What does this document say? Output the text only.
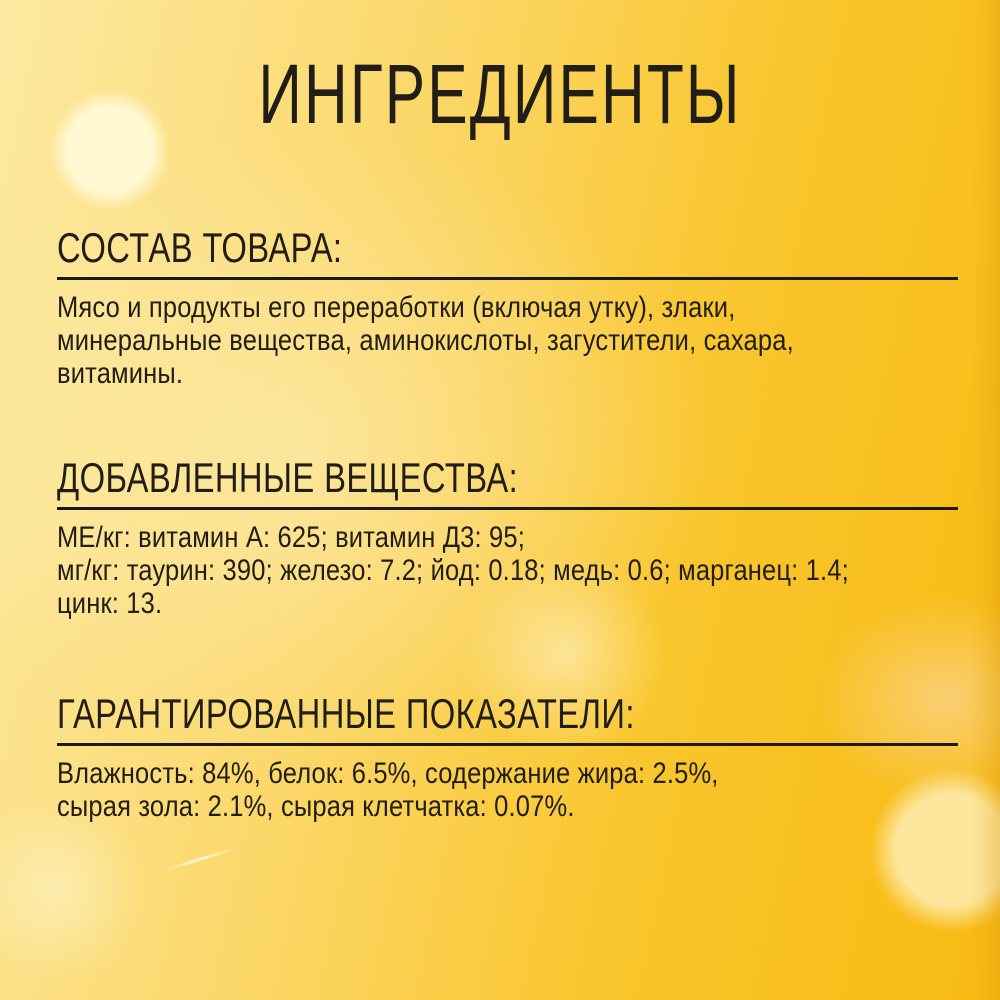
ИНГРЕДИЕНТЫ
СОСТАВ ТОВАРА:
Мясо и продукты его переработки (включая утку), злаки,
минеральные вещества, аминокислоты, загустители, сахара,
витамины.
ДОБАВЛЕННЫЕ ВЕЩЕСТВА:
МЕ/кг: витамин А: 625; витамин Д3: 95;
мг/кг: таурин: 390; железо: 7.2; йод: 0.18; медь: 0.6; марганец: 1.4;
цинк: 13.
ГАРАНТИРОВАННЫЕ ПОКАЗАТЕЛИ:
Влажность: 84%, белок: 6.5%, содержание жира: 2.5%,
сырая зола: 2.1%, сырая клетчатка: 0.07%.
